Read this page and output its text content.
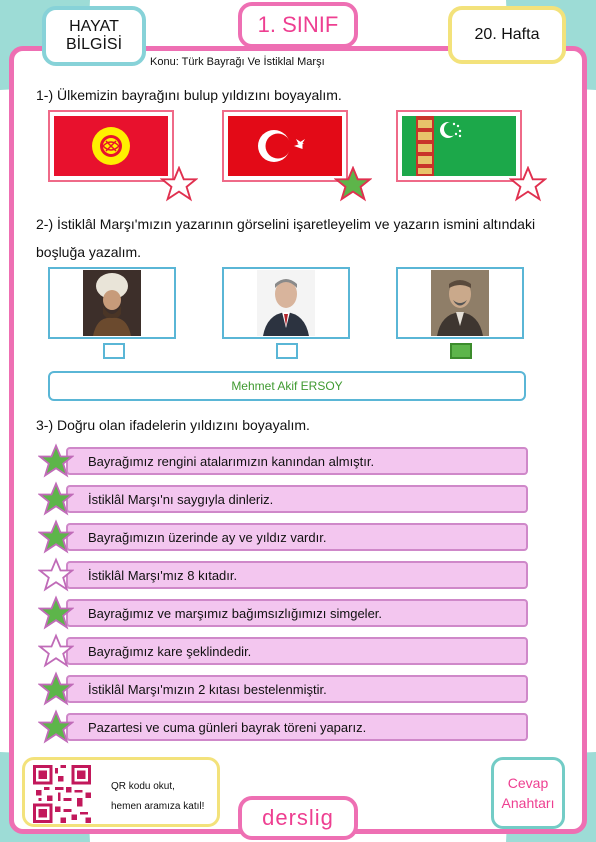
HAYAT BİLGİSİ
1. SINIF	20. Hafta
Konu: Türk Bayrağı Ve İstiklal Marşı
1-) Ülkemizin bayrağını bulup yıldızını boyayalım.
2-) İstiklâl Marşı'mızın yazarının görselini işaretleyelim ve yazarın ismini altındaki boşluğa yazalım.
Mehmet Akif ERSOY
3-) Doğru olan ifadelerin yıldızını boyayalım.
Bayrağımız rengini atalarımızın kanından almıştır.
İstiklâl Marşı'nı saygıyla dinleriz.
Bayrağımızın üzerinde ay ve yıldız vardır.
İstiklâl Marşı'mız 8 kıtadır.
Bayrağımız ve marşımız bağımsızlığımızı simgeler.
Bayrağımız kare şeklindedir.
İstiklâl Marşı'mızın 2 kıtası bestelenmiştir.
Pazartesi ve cuma günleri bayrak töreni yaparız.
QR kodu okut,
hemen aramıza katıl!	derslig
Cevap Anahtarı
